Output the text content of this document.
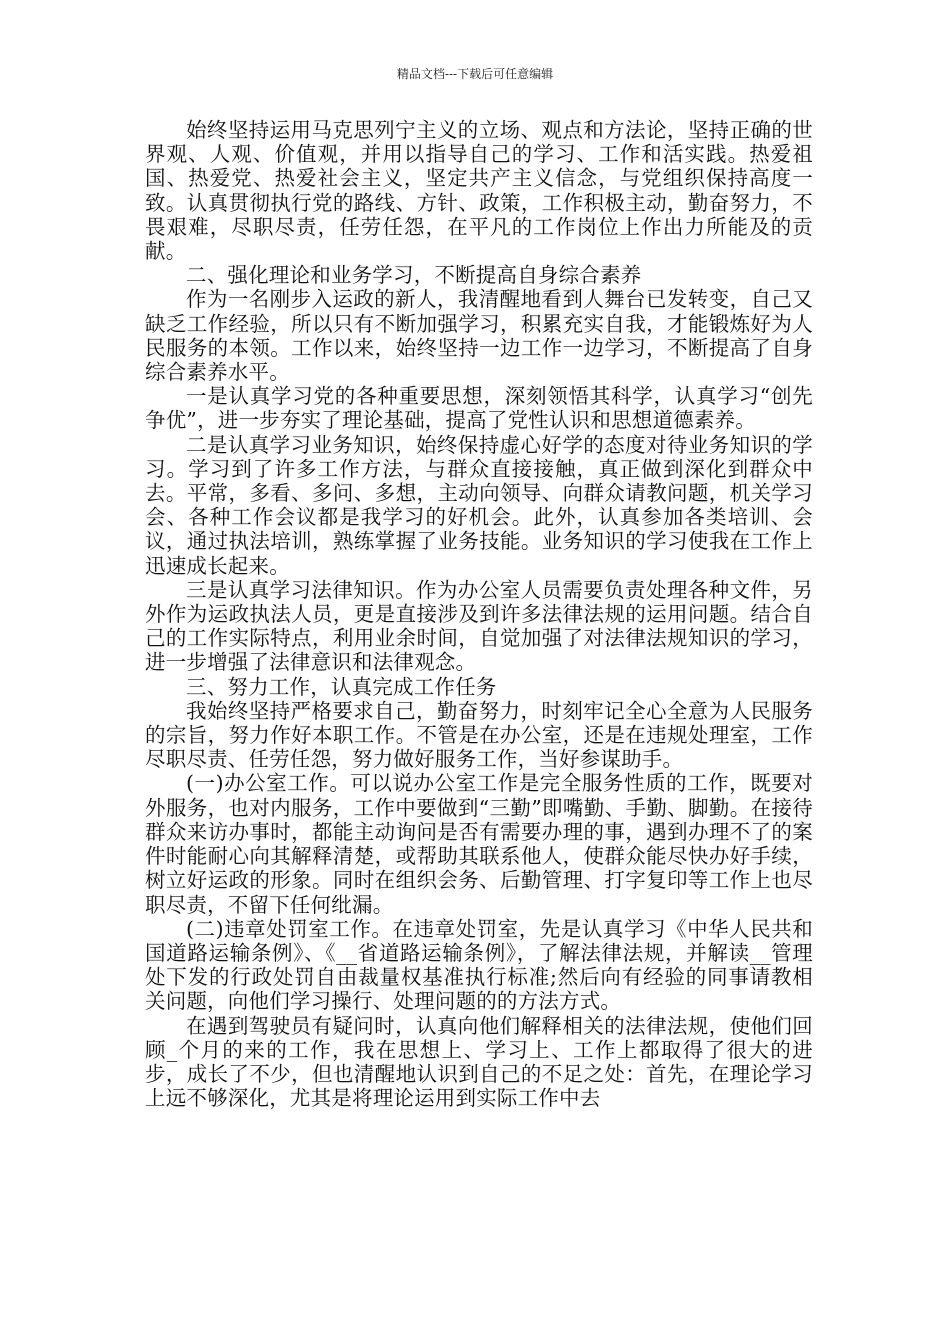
精品文档---下载后可任意编辑

始终坚持运用马克思列宁主义的立场、观点和方法论，坚持正确的世界观、人观、价值观，并用以指导自己的学习、工作和活实践。热爱祖国、热爱党、热爱社会主义，坚定共产主义信念，与党组织保持高度一致。认真贯彻执行党的路线、方针、政策，工作积极主动，勤奋努力，不畏艰难，尽职尽责，任劳任怨，在平凡的工作岗位上作出力所能及的贡献。

二、强化理论和业务学习，不断提高自身综合素养

作为一名刚步入运政的新人，我清醒地看到人舞台已发转变，自己又缺乏工作经验，所以只有不断加强学习，积累充实自我，才能锻炼好为人民服务的本领。工作以来，始终坚持一边工作一边学习，不断提高了自身综合素养水平。

一是认真学习党的各种重要思想，深刻领悟其科学，认真学习“创先争优”，进一步夯实了理论基础，提高了党性认识和思想道德素养。

二是认真学习业务知识，始终保持虚心好学的态度对待业务知识的学习。学习到了许多工作方法，与群众直接接触，真正做到深化到群众中去。平常，多看、多问、多想，主动向领导、向群众请教问题，机关学习会、各种工作会议都是我学习的好机会。此外，认真参加各类培训、会议，通过执法培训，熟练掌握了业务技能。业务知识的学习使我在工作上迅速成长起来。

三是认真学习法律知识。作为办公室人员需要负责处理各种文件，另外作为运政执法人员，更是直接涉及到许多法律法规的运用问题。结合自己的工作实际特点，利用业余时间，自觉加强了对法律法规知识的学习，进一步增强了法律意识和法律观念。

三、努力工作，认真完成工作任务

我始终坚持严格要求自己，勤奋努力，时刻牢记全心全意为人民服务的宗旨，努力作好本职工作。不管是在办公室，还是在违规处理室，工作尽职尽责、任劳任怨，努力做好服务工作，当好参谋助手。

(一)办公室工作。可以说办公室工作是完全服务性质的工作，既要对外服务，也对内服务，工作中要做到“三勤”即嘴勤、手勤、脚勤。在接待群众来访办事时，都能主动询问是否有需要办理的事，遇到办理不了的案件时能耐心向其解释清楚，或帮助其联系他人，使群众能尽快办好手续，树立好运政的形象。同时在组织会务、后勤管理、打字复印等工作上也尽职尽责，不留下任何纰漏。

(二)违章处罚室工作。在违章处罚室，先是认真学习《中华人民共和国道路运输条例》、《__省道路运输条例》，了解法律法规，并解读__管理处下发的行政处罚自由裁量权基准执行标准;然后向有经验的同事请教相关问题，向他们学习操行、处理问题的的方法方式。

在遇到驾驶员有疑问时，认真向他们解释相关的法律法规，使他们回顾_个月的来的工作，我在思想上、学习上、工作上都取得了很大的进步，成长了不少，但也清醒地认识到自己的不足之处：首先，在理论学习上远不够深化，尤其是将理论运用到实际工作中去
